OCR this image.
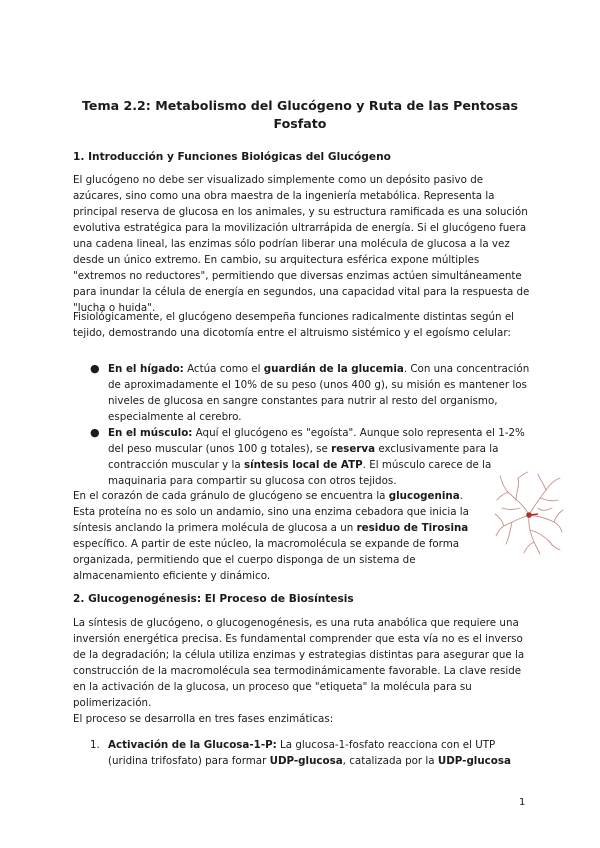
Tema 2.2: Metabolismo del Glucógeno y Ruta de las Pentosas
Fosfato
1. Introducción y Funciones Biológicas del Glucógeno

El glucógeno no debe ser visualizado simplemente como un depósito pasivo de azúcares, sino como una obra maestra de la ingeniería metabólica. Representa la principal reserva de glucosa en los animales, y su estructura ramificada es una solución evolutiva estratégica para la movilización ultrarrápida de energía. Si el glucógeno fuera una cadena lineal, las enzimas sólo podrían liberar una molécula de glucosa a la vez desde un único extremo. En cambio, su arquitectura esférica expone múltiples "extremos no reductores", permitiendo que diversas enzimas actúen simultáneamente para inundar la célula de energía en segundos, una capacidad vital para la respuesta de "lucha o huida".

Fisiológicamente, el glucógeno desempeña funciones radicalmente distintas según el tejido, demostrando una dicotomía entre el altruismo sistémico y el egoísmo celular:

● En el hígado: Actúa como el guardián de la glucemia. Con una concentración de aproximadamente el 10% de su peso (unos 400 g), su misión es mantener los niveles de glucosa en sangre constantes para nutrir al resto del organismo, especialmente al cerebro.

● En el músculo: Aquí el glucógeno es "egoísta". Aunque solo representa el 1-2% del peso muscular (unos 100 g totales), se reserva exclusivamente para la contracción muscular y la síntesis local de ATP. El músculo carece de la maquinaria para compartir su glucosa con otros tejidos.

En el corazón de cada gránulo de glucógeno se encuentra la glucogenina. Esta proteína no es solo un andamio, sino una enzima cebadora que inicia la síntesis anclando la primera molécula de glucosa a un residuo de Tirosina específico. A partir de este núcleo, la macromolécula se expande de forma organizada, permitiendo que el cuerpo disponga de un sistema de almacenamiento eficiente y dinámico.

2. Glucogenogénesis: El Proceso de Biosíntesis

La síntesis de glucógeno, o glucogenogénesis, es una ruta anabólica que requiere una inversión energética precisa. Es fundamental comprender que esta vía no es el inverso de la degradación; la célula utiliza enzimas y estrategias distintas para asegurar que la construcción de la macromolécula sea termodinámicamente favorable. La clave reside en la activación de la glucosa, un proceso que "etiqueta" la molécula para su polimerización.

El proceso se desarrolla en tres fases enzimáticas:

1. Activación de la Glucosa-1-P: La glucosa-1-fosfato reacciona con el UTP (uridina trifosfato) para formar UDP-glucosa, catalizada por la UDP-glucosa

1
